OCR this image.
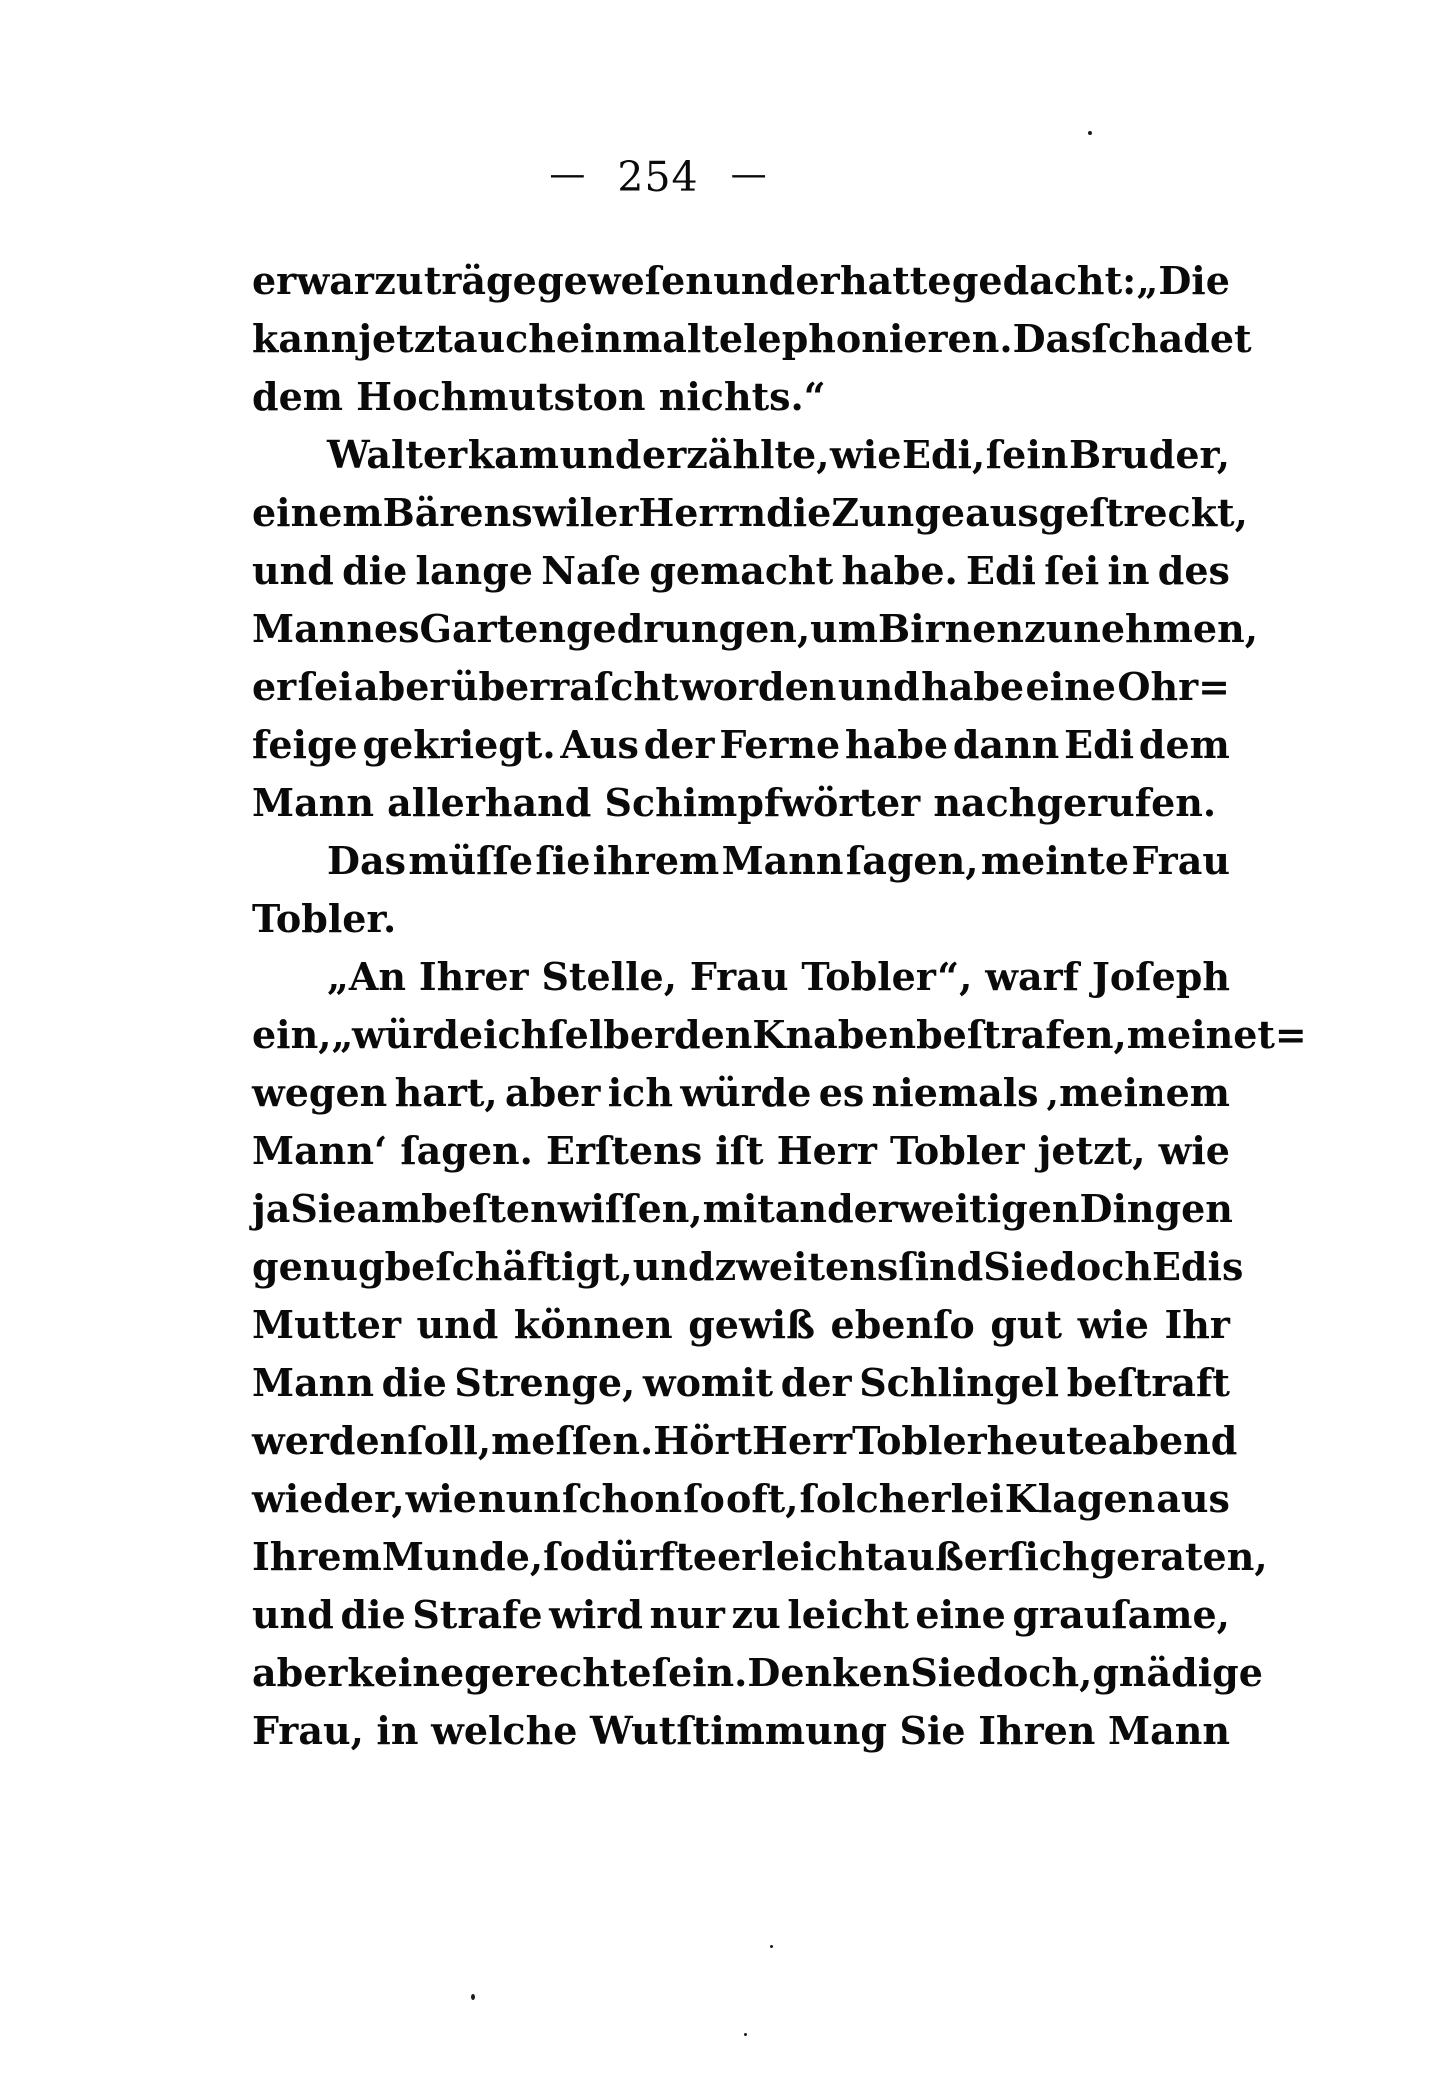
— 254 —
er war zu träge geweſen und er hatte gedacht: „Die
kann jetzt auch einmal telephonieren. Das ſchadet
dem Hochmutston nichts.“
Walter kam und erzählte, wie Edi, ſein Bruder,
einem Bärenswiler Herrn die Zunge ausgeſtreckt,
und die lange Naſe gemacht habe. Edi ſei in des
Mannes Garten gedrungen, um Birnen zu nehmen,
er ſei aber überraſcht worden und habe eine Ohr=
feige gekriegt. Aus der Ferne habe dann Edi dem
Mann allerhand Schimpfwörter nachgerufen.
Das müſſe ſie ihrem Mann ſagen, meinte Frau
Tobler.
„An Ihrer Stelle, Frau Tobler“, warf Joſeph
ein, „würde ich ſelber den Knaben beſtrafen, meinet=
wegen hart, aber ich würde es niemals ‚meinem
Mann‘ ſagen. Erſtens iſt Herr Tobler jetzt, wie
ja Sie am beſten wiſſen, mit anderweitigen Dingen
genug beſchäftigt, und zweitens ſind Sie doch Edis
Mutter und können gewiß ebenſo gut wie Ihr
Mann die Strenge, womit der Schlingel beſtraft
werden ſoll, meſſen. Hört Herr Tobler heute abend
wieder, wie nun ſchon ſo oft, ſolcherlei Klagen aus
Ihrem Munde, ſo dürfte er leicht außer ſich geraten,
und die Strafe wird nur zu leicht eine grauſame,
aber keine gerechte ſein. Denken Sie doch, gnädige
Frau, in welche Wutſtimmung Sie Ihren Mann
